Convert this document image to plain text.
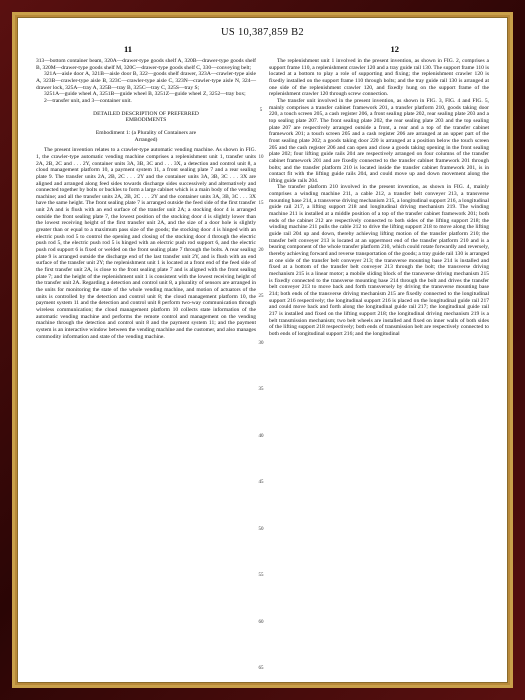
US 10,387,859 B2
11	12

313—bottom container beam, 320A—drawer-type goods shelf A, 320B—drawer-type goods shelf B, 320M—drawer-type goods shelf M, 320C—drawer-type goods shelf C, 330—conveying belt;

321A—aisle door A, 321B—aisle door B, 322—goods shelf drawer, 323A—crawler-type aisle A, 323B—crawler-type aisle B, 323C—crawler-type aisle C, 323N—crawler-type aisle N, 324—drawer lock, 325A—tray A, 325B—tray B, 325C—tray C, 325S—tray S;

3251A—guide wheel A, 3251B—guide wheel B, 3251Z—guide wheel Z, 3252—tray box;

2—transfer unit, and 3—container unit.

DETAILED DESCRIPTION OF PREFERRED
EMBODIMENTS

Embodiment 1: (a Plurality of Containers are
Arranged)

The present invention relates to a crawler-type automatic vending machine. As shown in FIG. 1, the crawler-type automatic vending machine comprises a replenishment unit 1, transfer units 2A, 2B, 2C and . . . 2Y, container units 3A, 3B, 3C and . . . 3X, a detection and control unit 8, a cloud management platform 10, a payment system 11, a front sealing plate 7 and a rear sealing plate 9. The transfer units 2A, 2B, 2C . . . 2Y and the container units 3A, 3B, 3C . . . 3X are aligned and arranged along feed sides towards discharge sides successively and alternatively and connected together by bolts or buckles to form a large cabinet which is a main body of the vending machine; and all the transfer units 2A, 2B, 2C . . . 2Y and the container units 3A, 3B, 3C . . . 3X have the same height. The front sealing plate 7 is arranged outside the feed side of the first transfer unit 2A and is flush with an end surface of the transfer unit 2A; a stocking door 4 is arranged outside the front sealing plate 7, the lowest position of the stocking door 4 is slightly lower than the lowest receiving height of the first transfer unit 2A, and the size of a door hole is slightly greater than or equal to a maximum pass size of the goods; the stocking door 4 is hinged with an electric push rod 5 to control the opening and closing of the stocking door 4 through the electric push rod 5, the electric push rod 5 is hinged with an electric push rod support 6, and the electric push rod support 6 is fixed or welded on the front sealing plate 7 through the bolts. A rear sealing plate 9 is arranged outside the discharge end of the last transfer unit 2Y, and is flush with an end surface of the transfer unit 2Y; the replenishment unit 1 is located at a front end of the feed side of the first transfer unit 2A, is close to the front sealing plate 7 and is aligned with the front sealing plate 7; and the height of the replenishment unit 1 is consistent with the lowest receiving height of the transfer unit 2A. Regarding a detection and control unit 8, a plurality of sensors are arranged in the units for monitoring the state of the whole vending machine, and motion of actuators of the units is controlled by the detection and control unit 8; the cloud management platform 10, the payment system 11 and the detection and control unit 8 perform two-way communication through wireless communication; the cloud management platform 10 collects state information of the automatic vending machine and performs the remote control and management on the vending machine through the detection and control unit 8 and the payment system 11; and the payment system is an interactive window between the vending machine and the customer, and also manages commodity information and state of the vending machine.

The replenishment unit 1 involved in the present invention, as shown in FIG. 2, comprises a support frame 110, a replenishment crawler 120 and a tray guide rail 130. The support frame 110 is located at a bottom to play a role of supporting and fixing; the replenishment crawler 120 is fixedly installed on the support frame 110 through bolts; and the tray guide rail 130 is arranged at one side of the replenishment crawler 120, and fixedly hung on the support frame of the replenishment crawler 120 through screw connection.

The transfer unit involved in the present invention, as shown in FIG. 3, FIG. 4 and FIG. 5, mainly comprises a transfer cabinet framework 201, a transfer platform 210, goods taking door 220, a touch screen 205, a cash register 206, a front sealing plate 202, rear sealing plate 203 and a top sealing plate 207. The front sealing plate 202, the rear sealing plate 203 and the top sealing plate 207 are respectively arranged outside a front, a rear and a top of the transfer cabinet framework 201; a touch screen 205 and a cash register 206 are arranged at an upper part of the front sealing plate 202; a goods taking door 220 is arranged at a position below the touch screen 205 and the cash register 206 and can open and close a goods taking opening in the front sealing plate 202; four lifting guide rails 204 are respectively arranged on four columns of the transfer cabinet framework 201 and are fixedly connected to the transfer cabinet framework 201 through bolts; and the transfer platform 210 is located inside the transfer cabinet framework 201, is in contact fit with the lifting guide rails 204, and could move up and down movement along the lifting guide rails 204.

The transfer platform 210 involved in the present invention, as shown in FIG. 4, mainly comprises a winding machine 211, a cable 212, a transfer belt conveyer 213, a transverse mounting base 214, a transverse driving mechanism 215, a longitudinal support 216, a longitudinal guide rail 217, a lifting support 218 and longitudinal driving mechanism 219. The winding machine 211 is installed at a middle position of a top of the transfer cabinet framework 201; both ends of the cabinet 212 are respectively connected to both sides of the lifting support 218; the winding machine 211 pulls the cable 212 to drive the lifting support 218 to move along the lifting guide rail 204 up and down, thereby achieving lifting motion of the transfer platform 210; the transfer belt conveyer 213 is located at an uppermost end of the transfer platform 210 and is a bearing component of the whole transfer platform 210, which could rotate forwardly and reversely, thereby achieving forward and reverse transportation of the goods; a tray guide rail 130 is arranged at one side of the transfer belt conveyer 213; the transverse mounting base 214 is installed and fixed at a bottom of the transfer belt conveyer 213 through the bolt; the transverse driving mechanism 215 is a linear motor; a mobile sliding block of the transverse driving mechanism 215 is fixedly connected to the transverse mounting base 214 through the bolt and drives the transfer belt conveyer 213 to move back and forth transversely by driving the transverse mounting base 214; both ends of the transverse driving mechanism 215 are fixedly connected to the longitudinal support 216 respectively; the longitudinal support 216 is placed on the longitudinal guide rail 217 and could move back and forth along the longitudinal guide rail 217; the longitudinal guide rail 217 is installed and fixed on the lifting support 218; the longitudinal driving mechanism 219 is a belt transmission mechanism; two belt wheels are installed and fixed on inner walls of both sides of the lifting support 218 respectively; both ends of transmission belt are respectively connected to both ends of longitudinal support 216; and the longitudinal

5
10
15
20
25
30
35
40
45
50
55
60
65
